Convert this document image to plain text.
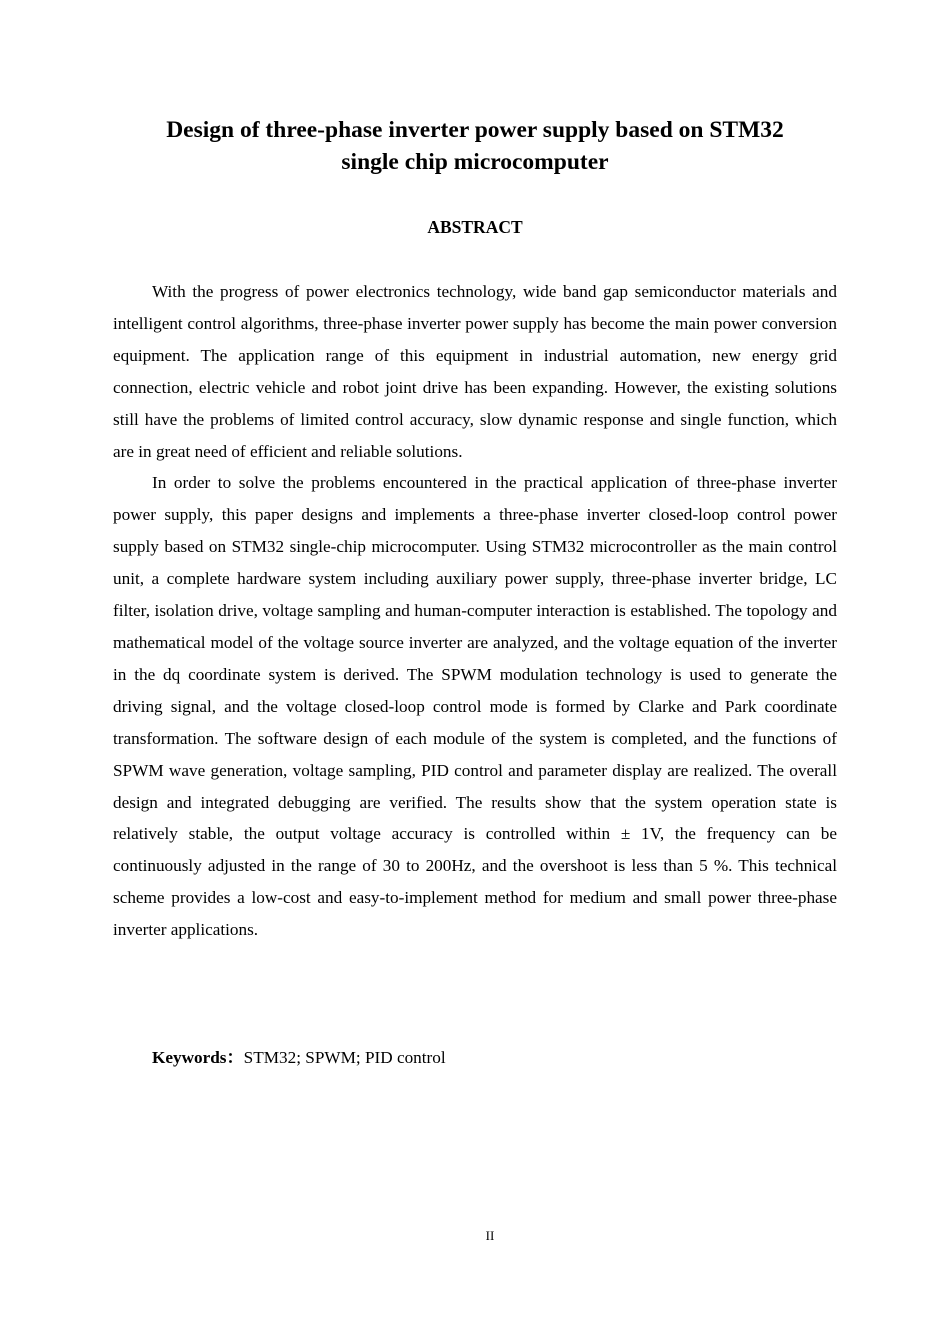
Design of three-phase inverter power supply based on STM32
single chip microcomputer
ABSTRACT

With the progress of power electronics technology, wide band gap semiconductor materials and intelligent control algorithms, three-phase inverter power supply has become the main power conversion equipment. The application range of this equipment in industrial automation, new energy grid connection, electric vehicle and robot joint drive has been expanding. However, the existing solutions still have the problems of limited control accuracy, slow dynamic response and single function, which are in great need of efficient and reliable solutions.

In order to solve the problems encountered in the practical application of three-phase inverter power supply, this paper designs and implements a three-phase inverter closed-loop control power supply based on STM32 single-chip microcomputer. Using STM32 microcontroller as the main control unit, a complete hardware system including auxiliary power supply, three-phase inverter bridge, LC filter, isolation drive, voltage sampling and human-computer interaction is established. The topology and mathematical model of the voltage source inverter are analyzed, and the voltage equation of the inverter in the dq coordinate system is derived. The SPWM modulation technology is used to generate the driving signal, and the voltage closed-loop control mode is formed by Clarke and Park coordinate transformation. The software design of each module of the system is completed, and the functions of SPWM wave generation, voltage sampling, PID control and parameter display are realized. The overall design and integrated debugging are verified. The results show that the system operation state is relatively stable, the output voltage accuracy is controlled within ± 1V, the frequency can be continuously adjusted in the range of 30 to 200Hz, and the overshoot is less than 5 %. This technical scheme provides a low-cost and easy-to-implement method for medium and small power three-phase inverter applications.

Keywords：STM32; SPWM; PID control

II
